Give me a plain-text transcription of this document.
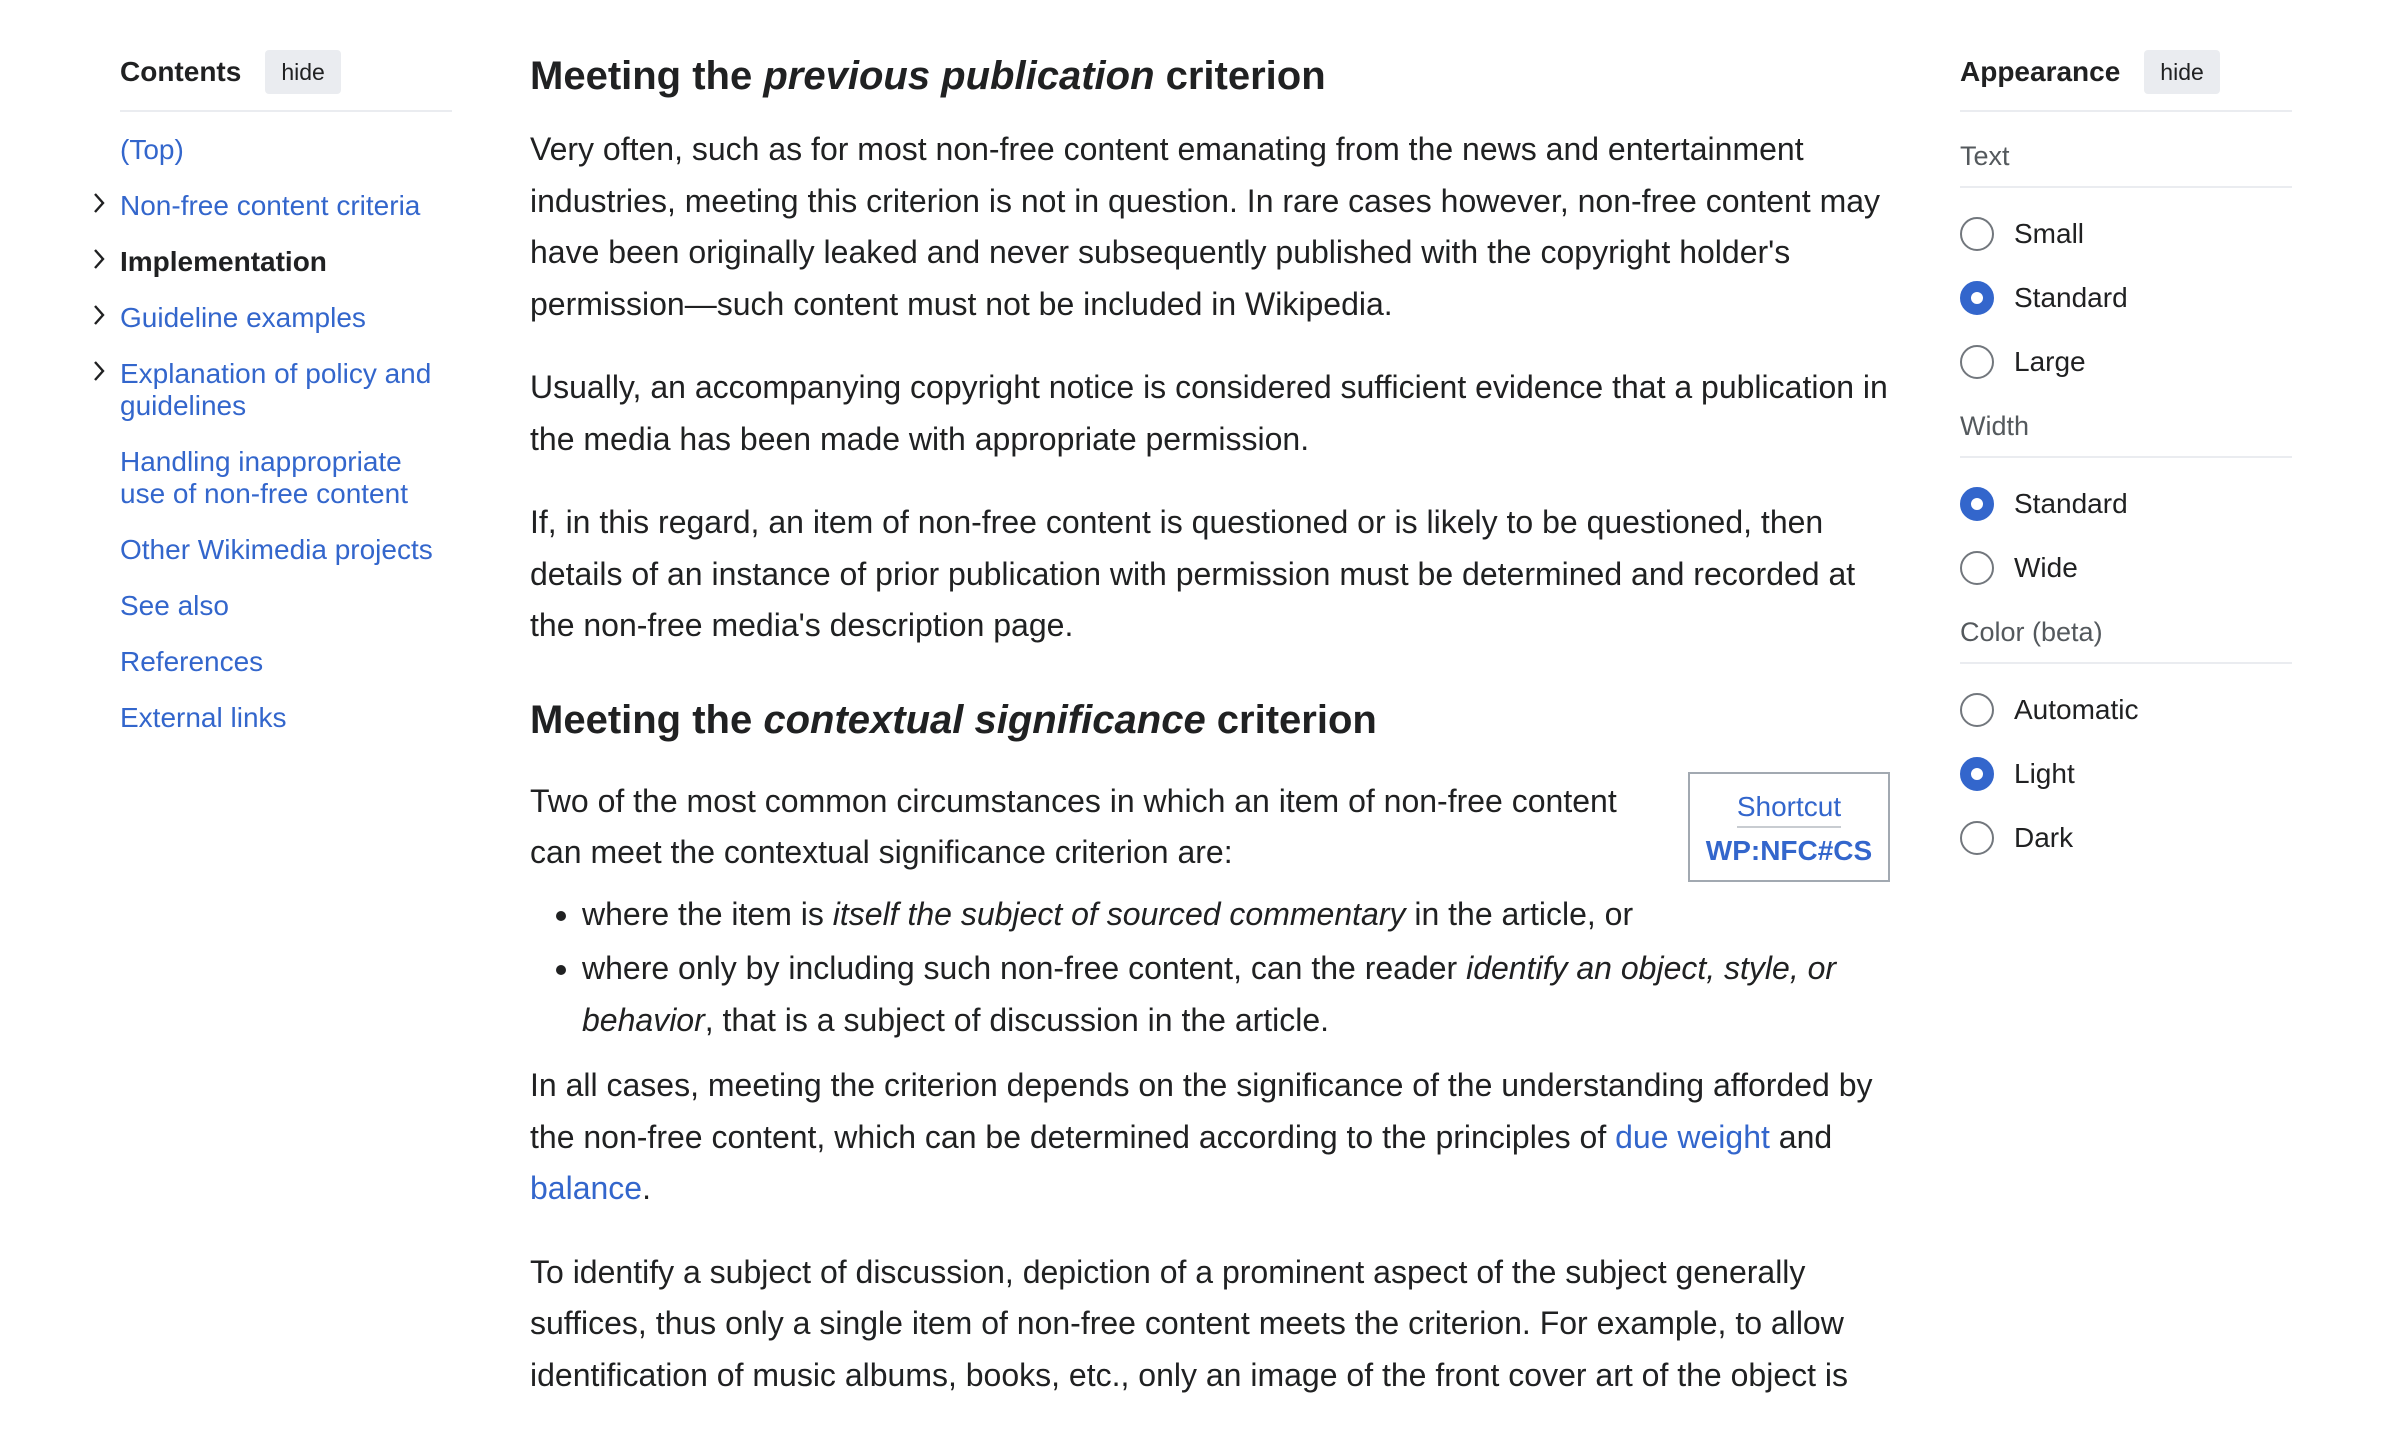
Contents	hide
(Top)
Non-free content criteria
Implementation
Guideline examples
Explanation of policy and guidelines
Handling inappropriate use of non-free content
Other Wikimedia projects
See also
References
External links
Meeting the previous publication criterion

Very often, such as for most non-free content emanating from the news and entertainment industries, meeting this criterion is not in question. In rare cases however, non-free content may have been originally leaked and never subsequently published with the copyright holder's permission—such content must not be included in Wikipedia.

Usually, an accompanying copyright notice is considered sufficient evidence that a publication in the media has been made with appropriate permission.

If, in this regard, an item of non-free content is questioned or is likely to be questioned, then details of an instance of prior publication with permission must be determined and recorded at the non-free media's description page.

Meeting the contextual significance criterion
Shortcut
WP:NFC#CS

Two of the most common circumstances in which an item of non-free content can meet the contextual significance criterion are:

• where the item is itself the subject of sourced commentary in the article, or
• where only by including such non-free content, can the reader identify an object, style, or behavior, that is a subject of discussion in the article.

In all cases, meeting the criterion depends on the significance of the understanding afforded by the non-free content, which can be determined according to the principles of due weight and balance.

To identify a subject of discussion, depiction of a prominent aspect of the subject generally suffices, thus only a single item of non-free content meets the criterion. For example, to allow identification of music albums, books, etc., only an image of the front cover art of the object is

Appearance	hide
Text
Small
Standard
Large
Width
Standard
Wide
Color (beta)
Automatic
Light
Dark
